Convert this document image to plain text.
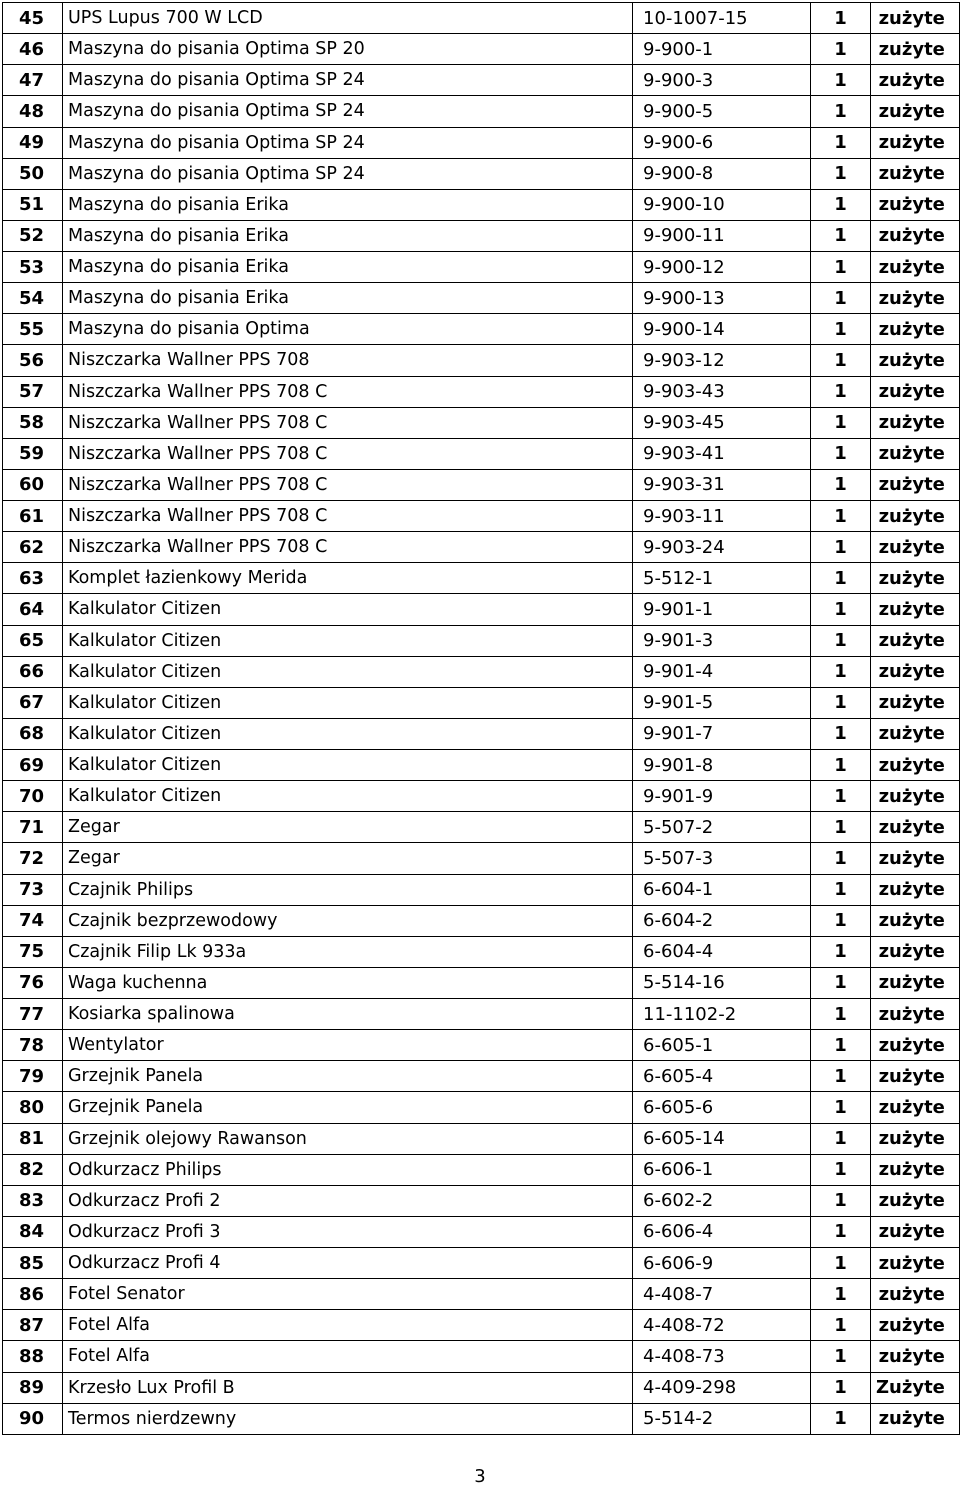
45	UPS Lupus 700 W LCD	10-1007-15	1	zużyte
46	Maszyna do pisania Optima SP 20	9-900-1	1	zużyte
47	Maszyna do pisania Optima SP 24	9-900-3	1	zużyte
48	Maszyna do pisania Optima SP 24	9-900-5	1	zużyte
49	Maszyna do pisania Optima SP 24	9-900-6	1	zużyte
50	Maszyna do pisania Optima SP 24	9-900-8	1	zużyte
51	Maszyna do pisania Erika	9-900-10	1	zużyte
52	Maszyna do pisania Erika	9-900-11	1	zużyte
53	Maszyna do pisania Erika	9-900-12	1	zużyte
54	Maszyna do pisania Erika	9-900-13	1	zużyte
55	Maszyna do pisania Optima	9-900-14	1	zużyte
56	Niszczarka Wallner PPS 708	9-903-12	1	zużyte
57	Niszczarka Wallner PPS 708 C	9-903-43	1	zużyte
58	Niszczarka Wallner PPS 708 C	9-903-45	1	zużyte
59	Niszczarka Wallner PPS 708 C	9-903-41	1	zużyte
60	Niszczarka Wallner PPS 708 C	9-903-31	1	zużyte
61	Niszczarka Wallner PPS 708 C	9-903-11	1	zużyte
62	Niszczarka Wallner PPS 708 C	9-903-24	1	zużyte
63	Komplet łazienkowy Merida	5-512-1	1	zużyte
64	Kalkulator Citizen	9-901-1	1	zużyte
65	Kalkulator Citizen	9-901-3	1	zużyte
66	Kalkulator Citizen	9-901-4	1	zużyte
67	Kalkulator Citizen	9-901-5	1	zużyte
68	Kalkulator Citizen	9-901-7	1	zużyte
69	Kalkulator Citizen	9-901-8	1	zużyte
70	Kalkulator Citizen	9-901-9	1	zużyte
71	Zegar	5-507-2	1	zużyte
72	Zegar	5-507-3	1	zużyte
73	Czajnik Philips	6-604-1	1	zużyte
74	Czajnik bezprzewodowy	6-604-2	1	zużyte
75	Czajnik Filip Lk 933a	6-604-4	1	zużyte
76	Waga kuchenna	5-514-16	1	zużyte
77	Kosiarka spalinowa	11-1102-2	1	zużyte
78	Wentylator	6-605-1	1	zużyte
79	Grzejnik Panela	6-605-4	1	zużyte
80	Grzejnik Panela	6-605-6	1	zużyte
81	Grzejnik olejowy Rawanson	6-605-14	1	zużyte
82	Odkurzacz Philips	6-606-1	1	zużyte
83	Odkurzacz Profi 2	6-602-2	1	zużyte
84	Odkurzacz Profi 3	6-606-4	1	zużyte
85	Odkurzacz Profi 4	6-606-9	1	zużyte
86	Fotel Senator	4-408-7	1	zużyte
87	Fotel Alfa	4-408-72	1	zużyte
88	Fotel Alfa	4-408-73	1	zużyte
89	Krzesło Lux Profil B	4-409-298	1	Zużyte
90	Termos nierdzewny	5-514-2	1	zużyte
3
